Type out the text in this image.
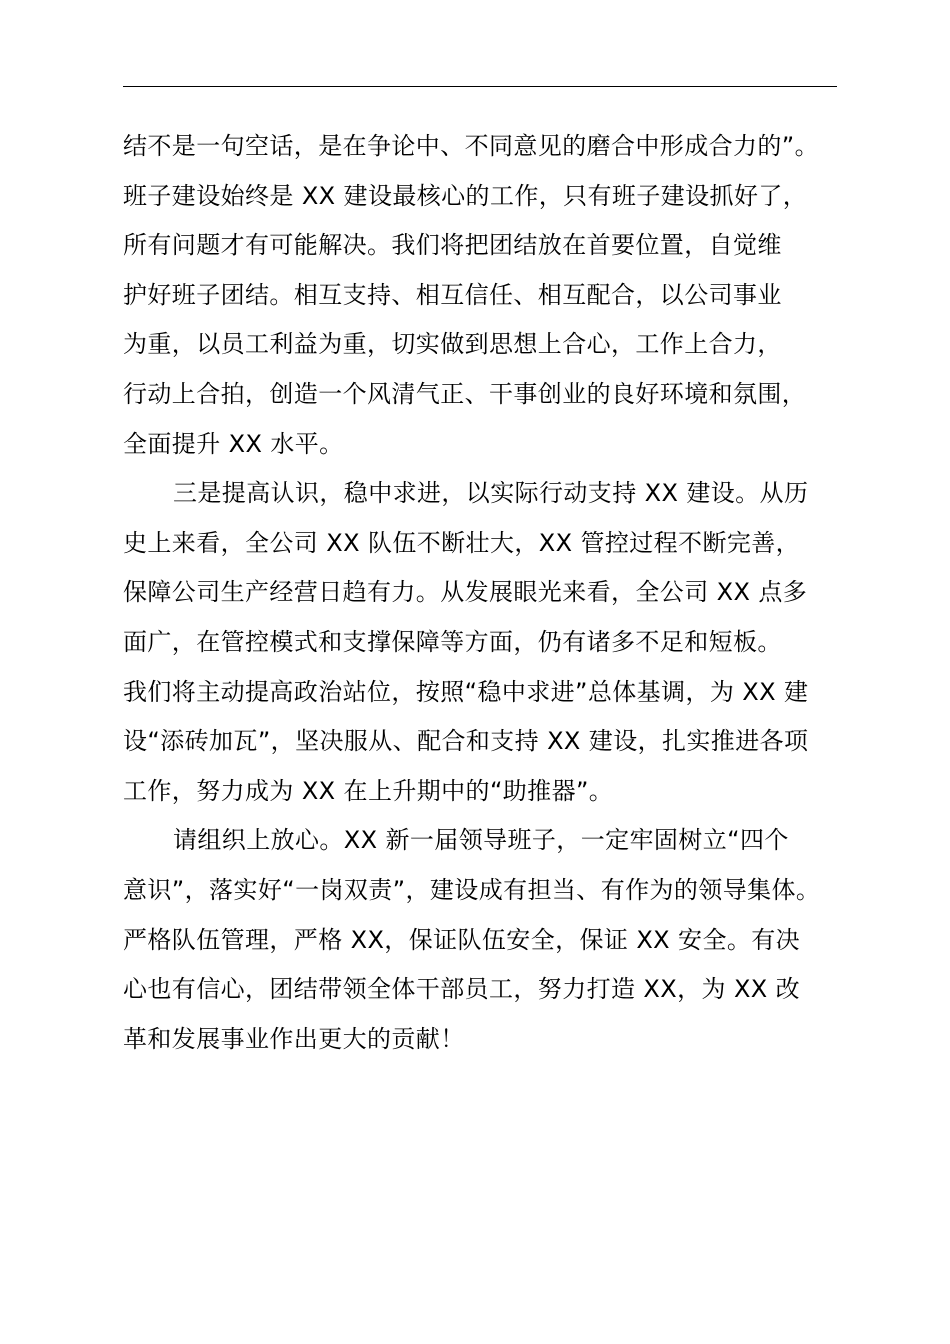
结不是一句空话，是在争论中、不同意见的磨合中形成合力的”。
班子建设始终是 XX 建设最核心的工作，只有班子建设抓好了，
所有问题才有可能解决。我们将把团结放在首要位置，自觉维
护好班子团结。相互支持、相互信任、相互配合，以公司事业
为重，以员工利益为重，切实做到思想上合心，工作上合力，
行动上合拍，创造一个风清气正、干事创业的良好环境和氛围，
全面提升 XX 水平。
三是提高认识，稳中求进，以实际行动支持 XX 建设。从历
史上来看，全公司 XX 队伍不断壮大，XX 管控过程不断完善，
保障公司生产经营日趋有力。从发展眼光来看，全公司 XX 点多
面广，在管控模式和支撑保障等方面，仍有诸多不足和短板。
我们将主动提高政治站位，按照“稳中求进”总体基调，为 XX 建
设“添砖加瓦”，坚决服从、配合和支持 XX 建设，扎实推进各项
工作，努力成为 XX 在上升期中的“助推器”。
请组织上放心。XX 新一届领导班子，一定牢固树立“四个
意识”，落实好“一岗双责”，建设成有担当、有作为的领导集体。
严格队伍管理，严格 XX，保证队伍安全，保证 XX 安全。有决
心也有信心，团结带领全体干部员工，努力打造 XX，为 XX 改
革和发展事业作出更大的贡献！
